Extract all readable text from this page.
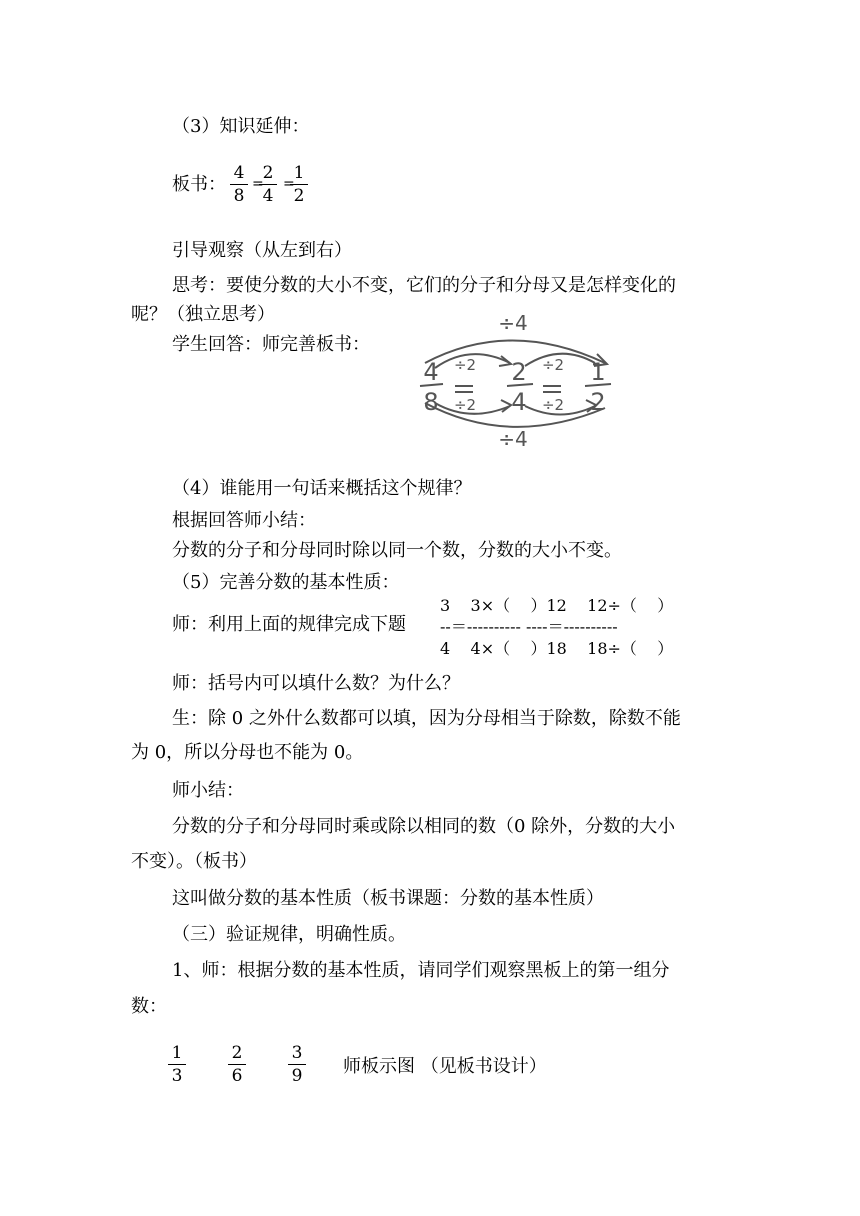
（3）知识延伸：
板书：
4
8
=
2
4
=
1
2
引导观察（从左到右）
思考：要使分数的大小不变，它们的分子和分母又是怎样变化的
呢？（独立思考）
学生回答：师完善板书：
÷4
÷4
÷2	÷2
÷2	÷2
4
8
2
4
1
2
（4）谁能用一句话来概括这个规律？
根据回答师小结：
分数的分子和分母同时除以同一个数，分数的大小不变。
（5）完善分数的基本性质：
师：利用上面的规律完成下题
3    3×（    ）12    12÷（    ）
--＝---------- ----＝----------
4    4×（    ）18    18÷（    ）
师：括号内可以填什么数？为什么？
生：除 0 之外什么数都可以填，因为分母相当于除数，除数不能
为 0，所以分母也不能为 0。
师小结：
分数的分子和分母同时乘或除以相同的数（0 除外，分数的大小
不变）。（板书）
这叫做分数的基本性质（板书课题：分数的基本性质）
（三）验证规律，明确性质。
1、师：根据分数的基本性质，请同学们观察黑板上的第一组分
数：
1
3
2
6
3
9	师板示图 （见板书设计）
